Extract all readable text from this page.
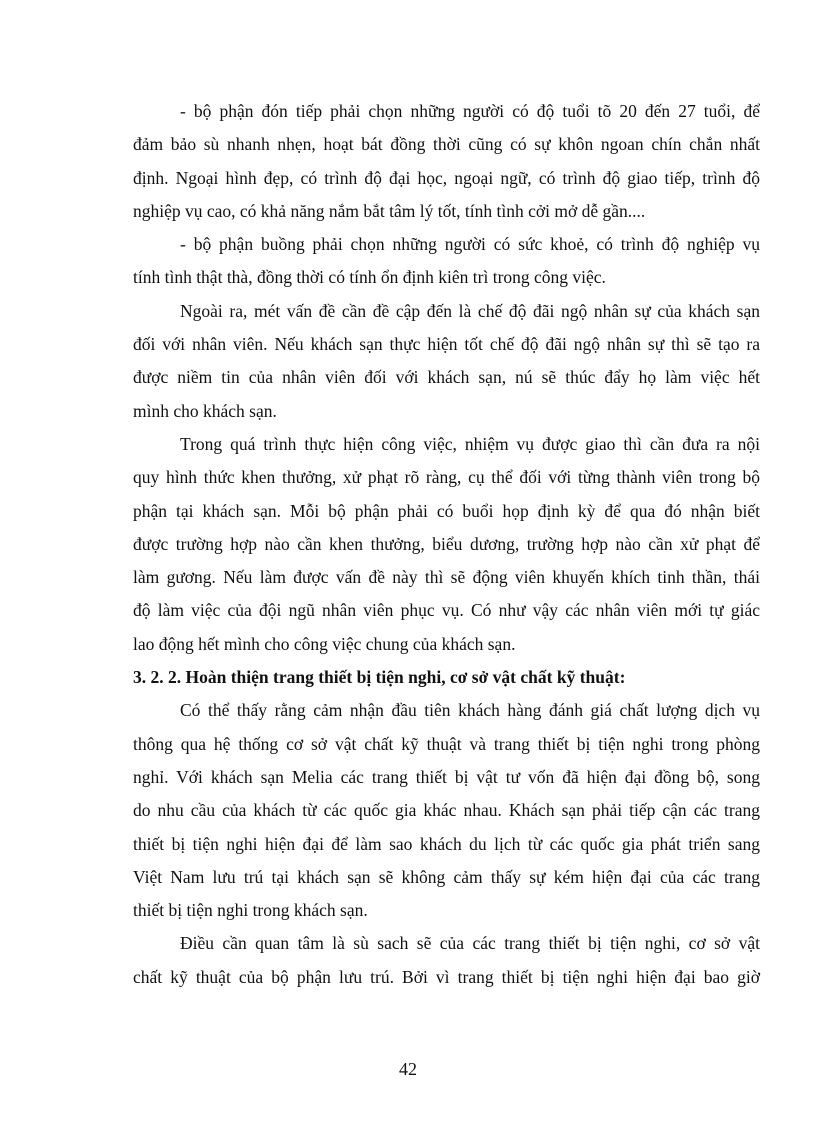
- bộ phận đón tiếp phải chọn những người có độ tuổi tõ 20 đến 27 tuổi, để
đảm bảo sù nhanh nhẹn, hoạt bát đồng thời cũng có sự khôn ngoan chín chắn nhất
định. Ngoại hình đẹp, có trình độ đại học, ngoại ngữ, có trình độ giao tiếp, trình độ
nghiệp vụ cao, có khả năng nắm bắt tâm lý tốt, tính tình cởi mở dễ gần....
- bộ phận buồng phải chọn những người có sức khoẻ, có trình độ nghiệp vụ
tính tình thật thà, đồng thời có tính ổn định kiên trì trong công việc.
Ngoài ra, mét vấn đề cần đề cập đến là chế độ đãi ngộ nhân sự của khách sạn
đối với nhân viên. Nếu khách sạn thực hiện tốt chế độ đãi ngộ nhân sự thì sẽ tạo ra
được niềm tin của nhân viên đối với khách sạn, nú sẽ thúc đẩy họ làm việc hết
mình cho khách sạn.
Trong quá trình thực hiện công việc, nhiệm vụ được giao thì cần đưa ra nội
quy hình thức khen thưởng, xử phạt rõ ràng, cụ thể đối với từng thành viên trong bộ
phận tại khách sạn. Mỗi bộ phận phải có buổi họp định kỳ để qua đó nhận biết
được trường hợp nào cần khen thưởng, biểu dương, trường hợp nào cần xử phạt để
làm gương. Nếu làm được vấn đề này thì sẽ động viên khuyến khích tinh thần, thái
độ làm việc của đội ngũ nhân viên phục vụ. Có như vậy các nhân viên mới tự giác
lao động hết mình cho công việc chung của khách sạn.
3. 2. 2. Hoàn thiện trang thiết bị tiện nghi, cơ sở vật chất kỹ thuật:
Có thể thấy rằng cảm nhận đầu tiên khách hàng đánh giá chất lượng dịch vụ
thông qua hệ thống cơ sở vật chất kỹ thuật và trang thiết bị tiện nghi trong phòng
nghỉ. Với khách sạn Melia các trang thiết bị vật tư vốn đã hiện đại đồng bộ, song
do nhu cầu của khách từ các quốc gia khác nhau. Khách sạn phải tiếp cận các trang
thiết bị tiện nghi hiện đại để làm sao khách du lịch từ các quốc gia phát triển sang
Việt Nam lưu trú tại khách sạn sẽ không cảm thấy sự kém hiện đại của các trang
thiết bị tiện nghi trong khách sạn.
Điều cần quan tâm là sù sach sẽ của các trang thiết bị tiện nghi, cơ sở vật
chất kỹ thuật của bộ phận lưu trú. Bởi vì trang thiết bị tiện nghi hiện đại bao giờ
42
